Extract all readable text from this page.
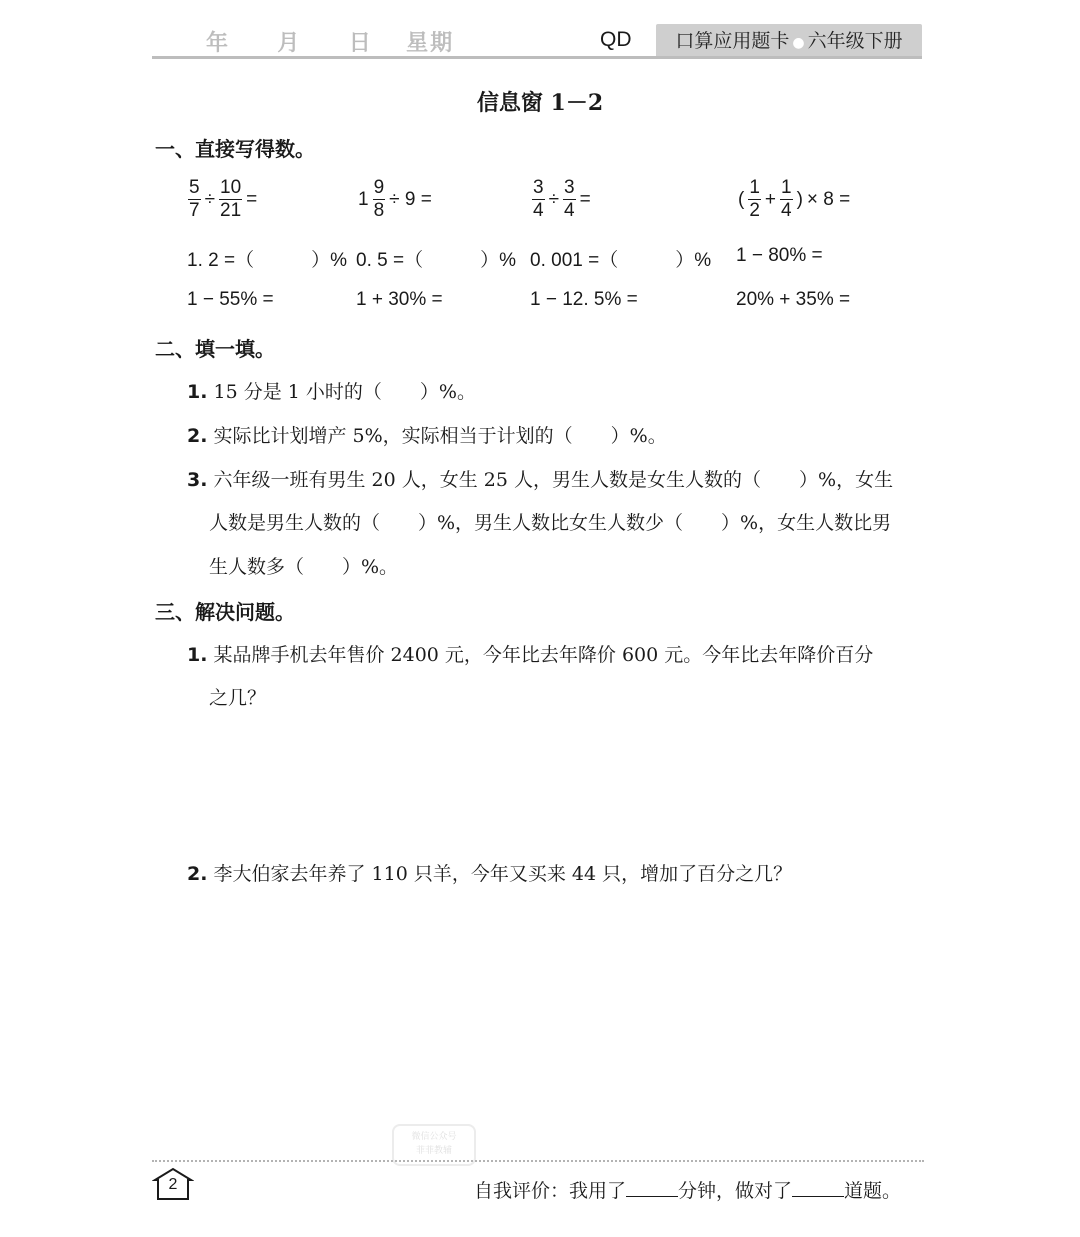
年 月 日 星期	QD	口算应用题卡 ● 六年级下册
信息窗 1－2
一、直接写得数。
$\frac{5}{7} \div \frac{10}{21}$ =	$1 \frac{9}{8} \div 9$ =	$\frac{3}{4} \div \frac{3}{4}$ =	( $\frac{1}{2} + \frac{1}{4}$ ) × 8 =
1. 2 =（　　　）% 0. 5 =（　　　）% 0. 001 =（　　　）% 1 − 80% =
1 − 55% =	1 + 30% =	1 − 12. 5% =	20% + 35% =
二、填一填。
1. 15 分是 1 小时的（　　）%。
2. 实际比计划增产 5%，实际相当于计划的（　　）%。
3. 六年级一班有男生 20 人，女生 25 人，男生人数是女生人数的（　　）%，女生
人数是男生人数的（　　）%，男生人数比女生人数少（　　）%，女生人数比男
生人数多（　　）%。
三、解决问题。
1. 某品牌手机去年售价 2400 元，今年比去年降价 600 元。今年比去年降价百分
之几？
2. 李大伯家去年养了 110 只羊，今年又买来 44 只，增加了百分之几？
微信公众号
菲菲教辅
2	自我评价：我用了	分钟，做对了	道题。
